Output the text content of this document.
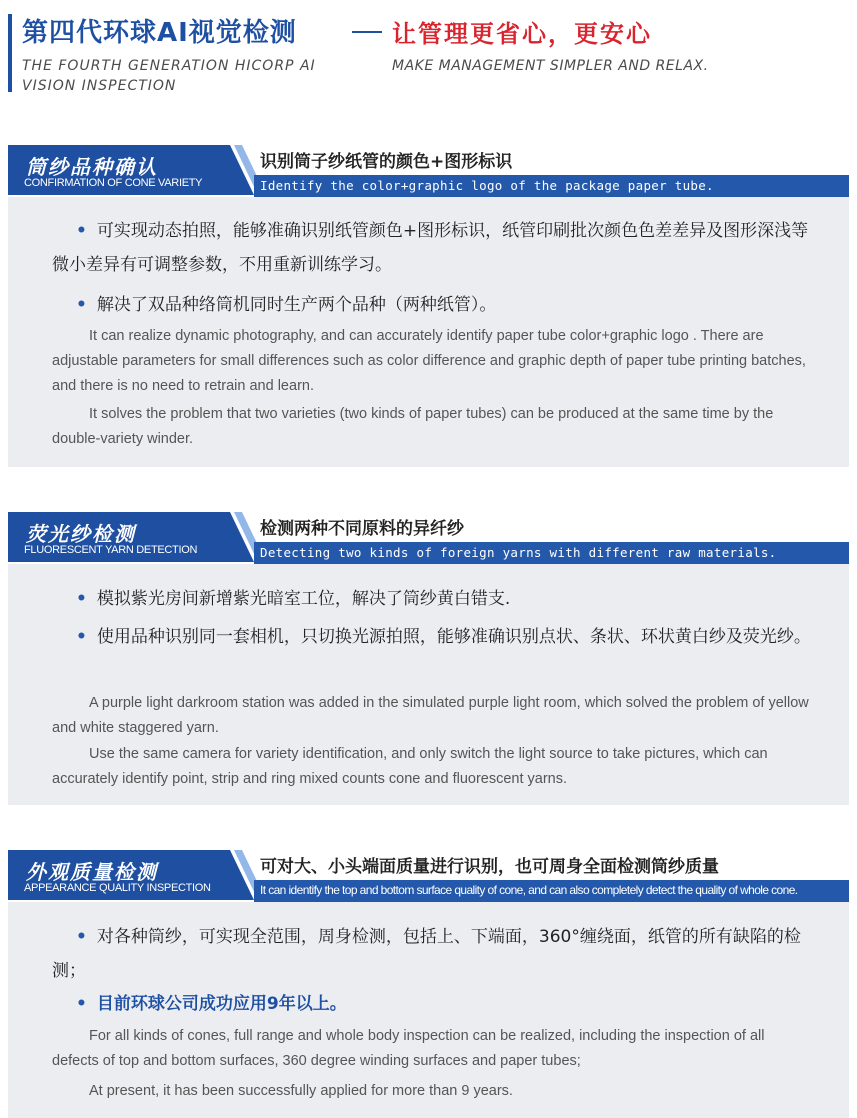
第四代环球AI视觉检测	让管理更省心，更安心
THE FOURTH GENERATION HICORP AI VISION INSPECTION
MAKE MANAGEMENT SIMPLER AND RELAX.
筒纱品种确认
CONFIRMATION OF CONE VARIETY
识别筒子纱纸管的颜色+图形标识
Identify the color+graphic logo of the package paper tube.
• 可实现动态拍照，能够准确识别纸管颜色+图形标识，纸管印刷批次颜色色差差异及图形深浅等微小差异有可调整参数，不用重新训练学习。
• 解决了双品种络筒机同时生产两个品种（两种纸管）。
It can realize dynamic photography, and can accurately identify paper tube color+graphic logo . There are adjustable parameters for small differences such as color difference and graphic depth of paper tube printing batches, and there is no need to retrain and learn.
It solves the problem that two varieties (two kinds of paper tubes) can be produced at the same time by the double-variety winder.
荧光纱检测
FLUORESCENT YARN DETECTION
检测两种不同原料的异纤纱
Detecting two kinds of foreign yarns with different raw materials.
• 模拟紫光房间新增紫光暗室工位，解决了筒纱黄白错支.
• 使用品种识别同一套相机，只切换光源拍照，能够准确识别点状、条状、环状黄白纱及荧光纱。
A purple light darkroom station was added in the simulated purple light room, which solved the problem of yellow and white staggered yarn.
Use the same camera for variety identification, and only switch the light source to take pictures, which can accurately identify point, strip and ring mixed counts cone and fluorescent yarns.
外观质量检测
APPEARANCE QUALITY INSPECTION
可对大、小头端面质量进行识别，也可周身全面检测筒纱质量
It can identify the top and bottom surface quality of cone, and can also completely detect the quality of whole cone.
• 对各种筒纱，可实现全范围，周身检测，包括上、下端面，360°缠绕面，纸管的所有缺陷的检测；
• 目前环球公司成功应用9年以上。
For all kinds of cones, full range and whole body inspection can be realized, including the inspection of all defects of top and bottom surfaces, 360 degree winding surfaces and paper tubes;
At present, it has been successfully applied for more than 9 years.
